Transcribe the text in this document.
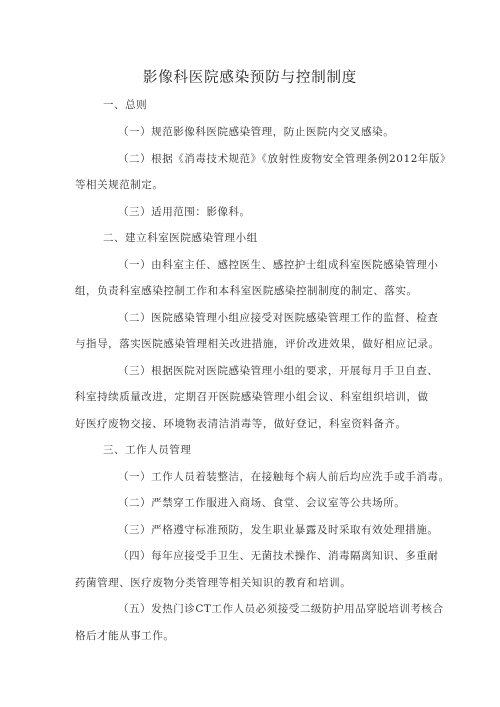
影像科医院感染预防与控制制度
一、总则
（一）规范影像科医院感染管理，防止医院内交叉感染。
（二）根据《消毒技术规范》《放射性废物安全管理条例2012年版》
等相关规范制定。
（三）适用范围：影像科。
二、建立科室医院感染管理小组
（一）由科室主任、感控医生、感控护士组成科室医院感染管理小
组，负责科室感染控制工作和本科室医院感染控制制度的制定、落实。
（二）医院感染管理小组应接受对医院感染管理工作的监督、检查
与指导，落实医院感染管理相关改进措施，评价改进效果，做好相应记录。
（三）根据医院对医院感染管理小组的要求，开展每月手卫自查、
科室持续质量改进，定期召开医院感染管理小组会议、科室组织培训，做
好医疗废物交接、环境物表清洁消毒等，做好登记，科室资料备齐。
三、工作人员管理
（一）工作人员着装整洁，在接触每个病人前后均应洗手或手消毒。
（二）严禁穿工作服进入商场、食堂、会议室等公共场所。
（三）严格遵守标准预防，发生职业暴露及时采取有效处理措施。
（四）每年应接受手卫生、无菌技术操作、消毒隔离知识、多重耐
药菌管理、医疗废物分类管理等相关知识的教育和培训。
（五）发热门诊CT工作人员必须接受二级防护用品穿脱培训考核合
格后才能从事工作。
